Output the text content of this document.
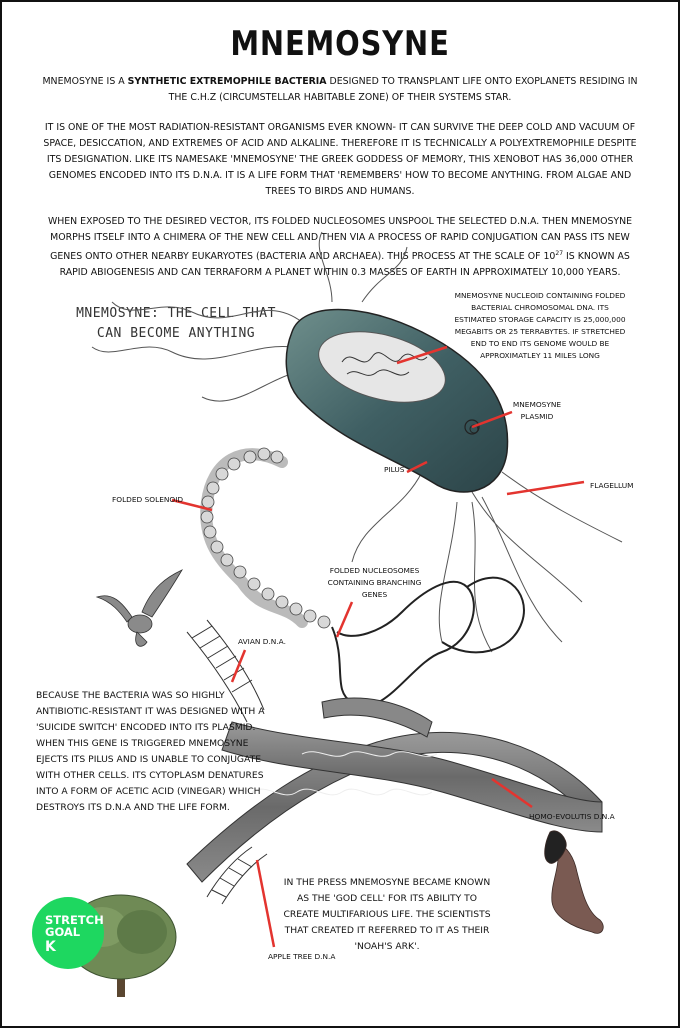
MNEMOSYNE

MNEMOSYNE IS A SYNTHETIC EXTREMOPHILE BACTERIA DESIGNED TO TRANSPLANT LIFE ONTO EXOPLANETS RESIDING IN THE C.H.Z (CIRCUMSTELLAR HABITABLE ZONE) OF THEIR SYSTEMS STAR.

IT IS ONE OF THE MOST RADIATION-RESISTANT ORGANISMS EVER KNOWN- IT CAN SURVIVE THE DEEP COLD AND VACUUM OF SPACE, DESICCATION, AND EXTREMES OF ACID AND ALKALINE. THEREFORE IT IS TECHNICALLY A POLYEXTREMOPHILE DESPITE ITS DESIGNATION. LIKE ITS NAMESAKE 'MNEMOSYNE' THE GREEK GODDESS OF MEMORY, THIS XENOBOT HAS 36,000 OTHER GENOMES ENCODED INTO ITS D.N.A. IT IS A LIFE FORM THAT 'REMEMBERS' HOW TO BECOME ANYTHING. FROM ALGAE AND TREES TO BIRDS AND HUMANS.

WHEN EXPOSED TO THE DESIRED VECTOR, ITS FOLDED NUCLEOSOMES UNSPOOL THE SELECTED D.N.A. THEN MNEMOSYNE MORPHS ITSELF INTO A CHIMERA OF THE NEW CELL AND THEN VIA A PROCESS OF RAPID CONJUGATION CAN PASS ITS NEW GENES ONTO OTHER NEARBY EUKARYOTES (BACTERIA AND ARCHAEA). THIS PROCESS AT THE SCALE OF $10^{27}$ IS KNOWN AS RAPID ABIOGENESIS AND CAN TERRAFORM A PLANET WITHIN 0.3 MASSES OF EARTH IN APPROXIMATELY 10,000 YEARS.

MNEMOSYNE: THE CELL THAT
CAN BECOME ANYTHING
MNEMOSYNE NUCLEOID CONTAINING FOLDED BACTERIAL CHROMOSOMAL DNA. ITS ESTIMATED STORAGE CAPACITY IS 25,000,000 MEGABITS OR 25 TERRABYTES. IF STRETCHED END TO END ITS GENOME WOULD BE APPROXIMATLEY 11 MILES LONG
MNEMOSYNE PLASMID
PILUS
FLAGELLUM
FOLDED SOLENOID
FOLDED NUCLEOSOMES CONTAINING BRANCHING GENES
AVIAN D.N.A.
HOMO-EVOLUTIS D.N.A
APPLE TREE D.N.A
BECAUSE THE BACTERIA WAS SO HIGHLY ANTIBIOTIC-RESISTANT IT WAS DESIGNED WITH A 'SUICIDE SWITCH' ENCODED INTO ITS PLASMID. WHEN THIS GENE IS TRIGGERED MNEMOSYNE EJECTS ITS PILUS AND IS UNABLE TO CONJUGATE WITH OTHER CELLS. ITS CYTOPLASM DENATURES INTO A FORM OF ACETIC ACID (VINEGAR) WHICH DESTROYS ITS D.N.A AND THE LIFE FORM.
IN THE PRESS MNEMOSYNE BECAME KNOWN AS THE 'GOD CELL' FOR ITS ABILITY TO CREATE MULTIFARIOUS LIFE. THE SCIENTISTS THAT CREATED IT REFERRED TO IT AS THEIR 'NOAH'S ARK'.
STRETCH
GOAL
K
